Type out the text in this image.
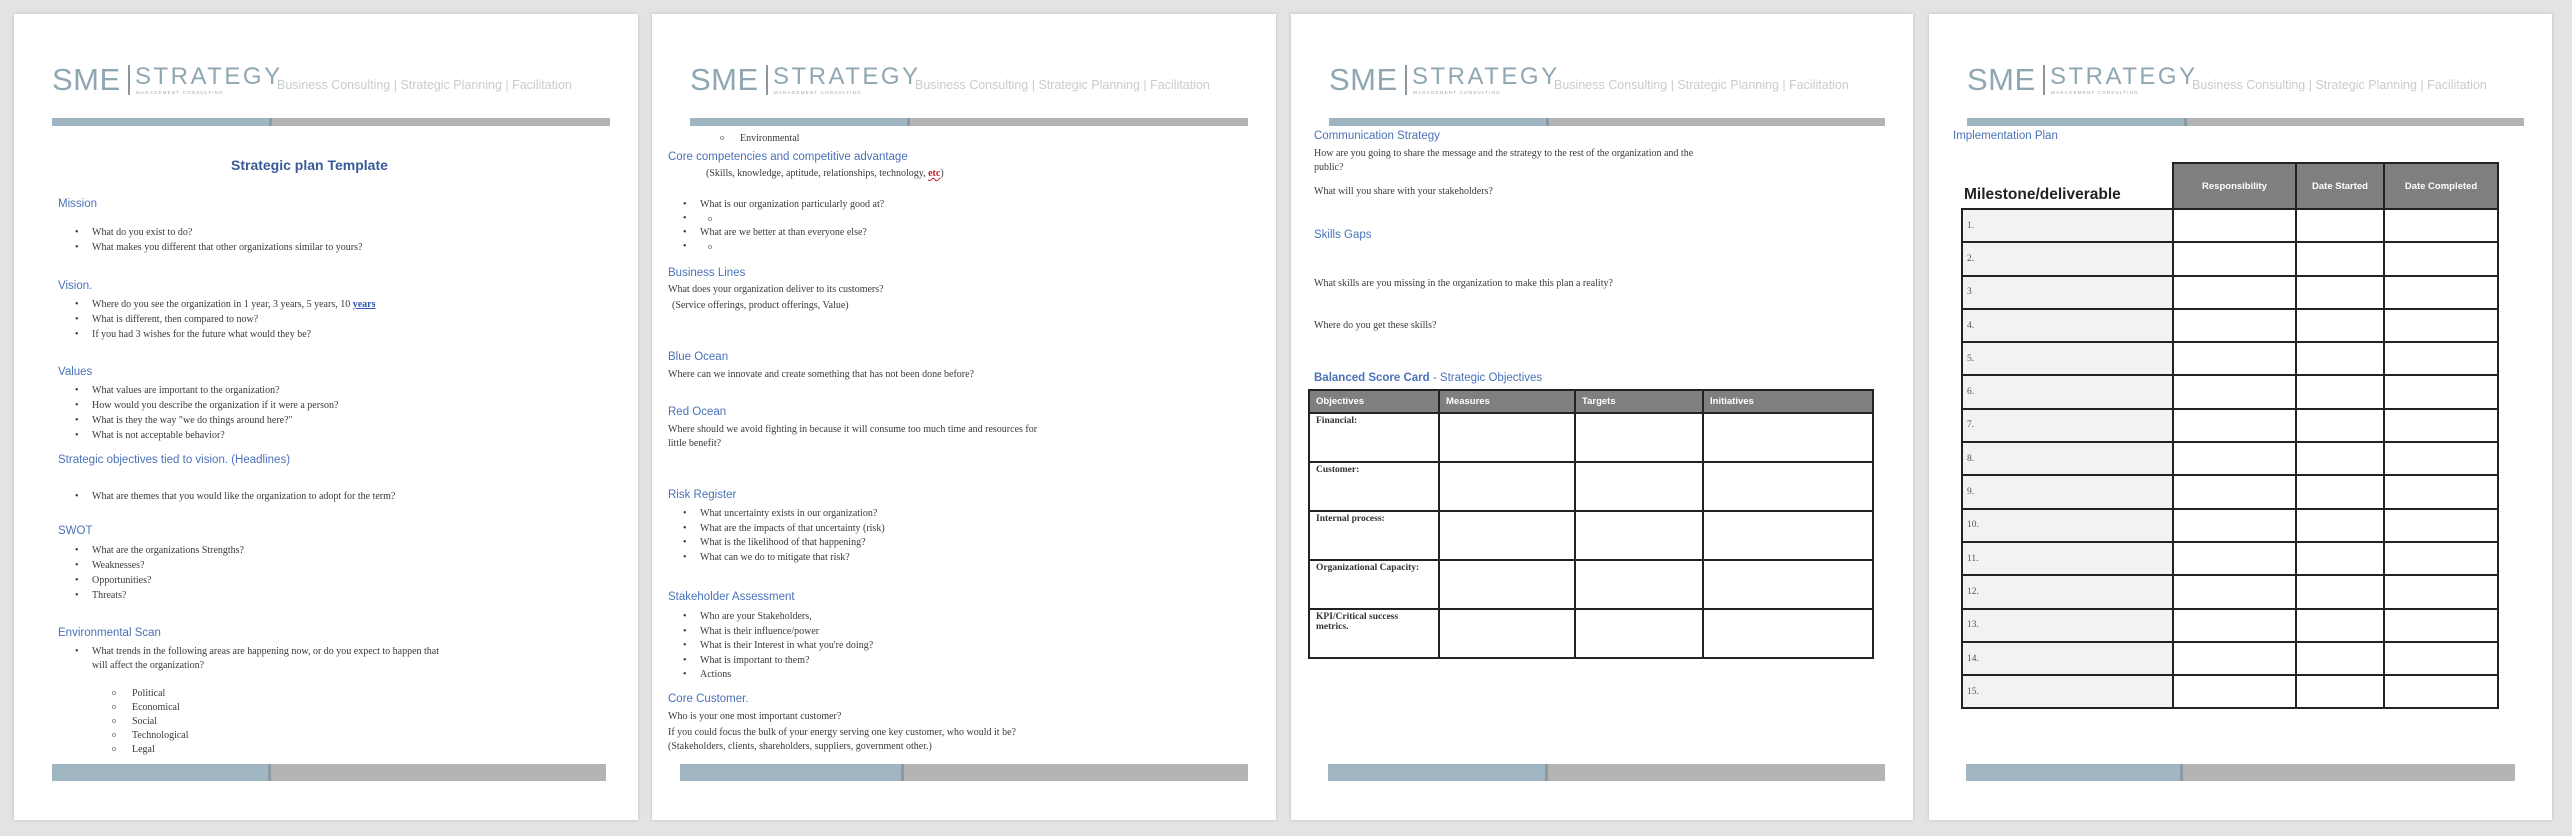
SME STRATEGY
MANAGEMENT CONSULTING
Business Consulting | Strategic Planning | Facilitation
Strategic plan Template
Mission
• What do you exist to do?
• What makes you different that other organizations similar to yours?
Vision.
• Where do you see the organization in 1 year, 3 years, 5 years, 10 years
• What is different, then compared to now?
• If you had 3 wishes for the future what would they be?
Values
• What values are important to the organization?
• How would you describe the organization if it were a person?
• What is they the way "we do things around here?"
• What is not acceptable behavior?
Strategic objectives tied to vision. (Headlines)
• What are themes that you would like the organization to adopt for the term?
SWOT
• What are the organizations Strengths?
• Weaknesses?
• Opportunities?
• Threats?
Environmental Scan
• What trends in the following areas are happening now, or do you expect to happen that
will affect the organization?
o Political
o Economical
o Social
o Technological
o Legal
SME STRATEGY
MANAGEMENT CONSULTING
Business Consulting | Strategic Planning | Facilitation
o Environmental
Core competencies and competitive advantage
(Skills, knowledge, aptitude, relationships, technology, etc)
• What is our organization particularly good at?
• o
• What are we better at than everyone else?
• o
Business Lines
What does your organization deliver to its customers?
(Service offerings, product offerings, Value)
Blue Ocean
Where can we innovate and create something that has not been done before?
Red Ocean
Where should we avoid fighting in because it will consume too much time and resources for
little benefit?
Risk Register
• What uncertainty exists in our organization?
• What are the impacts of that uncertainty (risk)
• What is the likelihood of that happening?
• What can we do to mitigate that risk?
Stakeholder Assessment
• Who are your Stakeholders,
• What is their influence/power
• What is their Interest in what you're doing?
• What is important to them?
• Actions
Core Customer.
Who is your one most important customer?
If you could focus the bulk of your energy serving one key customer, who would it be?
(Stakeholders, clients, shareholders, suppliers, government other.)
SME STRATEGY
MANAGEMENT CONSULTING
Business Consulting | Strategic Planning | Facilitation
Communication Strategy
How are you going to share the message and the strategy to the rest of the organization and the
public?
What will you share with your stakeholders?
Skills Gaps
What skills are you missing in the organization to make this plan a reality?
Where do you get these skills?
Balanced Score Card - Strategic Objectives
Objectives	Measures	Targets	Initiatives
Financial:			
Customer:			
Internal process:			
Organizational Capacity:			
KPI/Critical success metrics.			
SME STRATEGY
MANAGEMENT CONSULTING
Business Consulting | Strategic Planning | Facilitation
Implementation Plan
Milestone/deliverable	Responsibility	Date Started	Date Completed
1.			
2.			
3			
4.			
5.			
6.			
7.			
8.			
9.			
10.			
11.			
12.			
13.			
14.			
15.			
